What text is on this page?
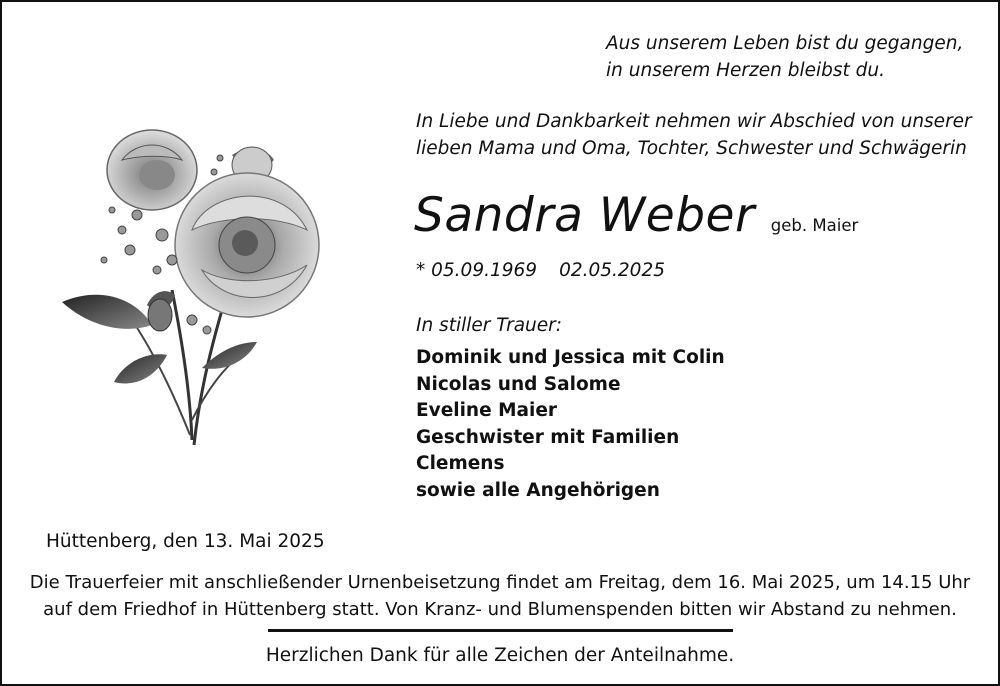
Aus unserem Leben bist du gegangen,
in unserem Herzen bleibst du.
In Liebe und Dankbarkeit nehmen wir Abschied von unserer
lieben Mama und Oma, Tochter, Schwester und Schwägerin
Sandra Weber geb. Maier
* 05.09.1969 02.05.2025
In stiller Trauer:
Dominik und Jessica mit Colin
Nicolas und Salome
Eveline Maier
Geschwister mit Familien
Clemens
sowie alle Angehörigen
Hüttenberg, den 13. Mai 2025
Die Trauerfeier mit anschließender Urnenbeisetzung findet am Freitag, dem 16. Mai 2025, um 14.15 Uhr
auf dem Friedhof in Hüttenberg statt. Von Kranz- und Blumenspenden bitten wir Abstand zu nehmen.
Herzlichen Dank für alle Zeichen der Anteilnahme.
